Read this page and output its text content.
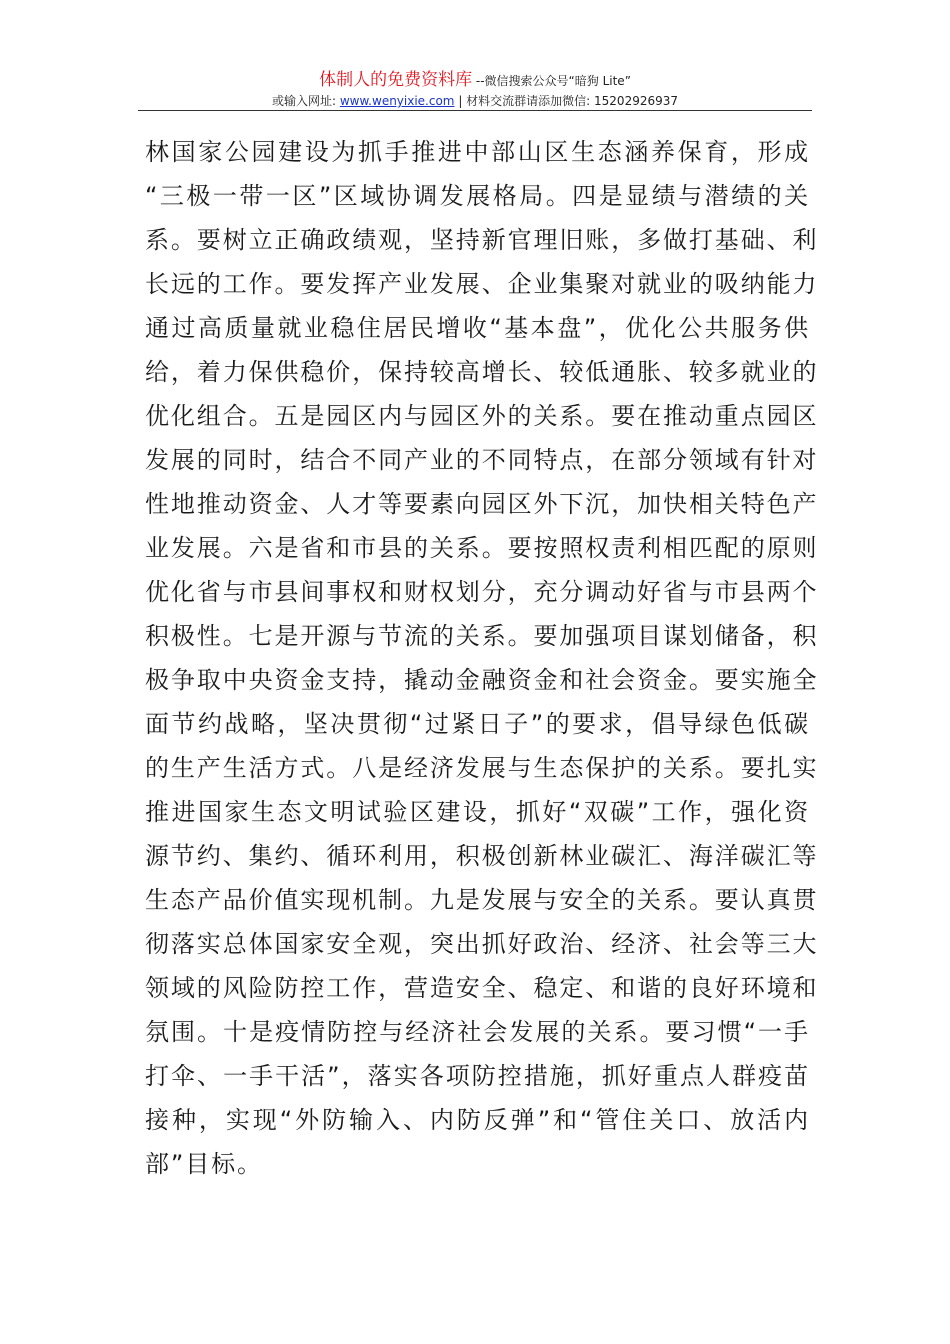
体制人的免费资料库 --微信搜索公众号“暗狗 Lite”
或输入网址: www.wenyixie.com | 材料交流群请添加微信: 15202926937
林国家公园建设为抓手推进中部山区生态涵养保育，形成
“三极一带一区”区域协调发展格局。四是显绩与潜绩的关
系。要树立正确政绩观，坚持新官理旧账，多做打基础、利
长远的工作。要发挥产业发展、企业集聚对就业的吸纳能力
通过高质量就业稳住居民增收“基本盘”，优化公共服务供
给，着力保供稳价，保持较高增长、较低通胀、较多就业的
优化组合。五是园区内与园区外的关系。要在推动重点园区
发展的同时，结合不同产业的不同特点，在部分领域有针对
性地推动资金、人才等要素向园区外下沉，加快相关特色产
业发展。六是省和市县的关系。要按照权责利相匹配的原则
优化省与市县间事权和财权划分，充分调动好省与市县两个
积极性。七是开源与节流的关系。要加强项目谋划储备，积
极争取中央资金支持，撬动金融资金和社会资金。要实施全
面节约战略，坚决贯彻“过紧日子”的要求，倡导绿色低碳
的生产生活方式。八是经济发展与生态保护的关系。要扎实
推进国家生态文明试验区建设，抓好“双碳”工作，强化资
源节约、集约、循环利用，积极创新林业碳汇、海洋碳汇等
生态产品价值实现机制。九是发展与安全的关系。要认真贯
彻落实总体国家安全观，突出抓好政治、经济、社会等三大
领域的风险防控工作，营造安全、稳定、和谐的良好环境和
氛围。十是疫情防控与经济社会发展的关系。要习惯“一手
打伞、一手干活”，落实各项防控措施，抓好重点人群疫苗
接种，实现“外防输入、内防反弹”和“管住关口、放活内
部”目标。
